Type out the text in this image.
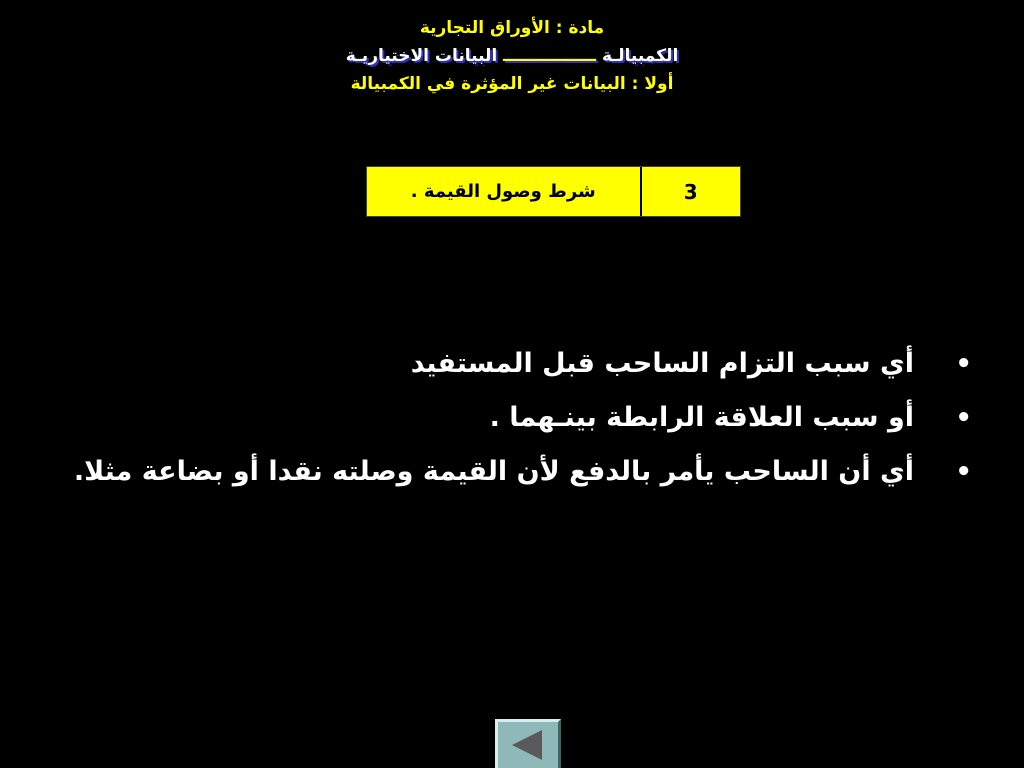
مادة : الأوراق التجارية
الكمبيالـة ــــــــــــــــ البيانات الاختياريـة
أولا : البيانات غير المؤثرة في الكمبيالة
شرط وصول القيمة .	3
•
أي سبب التزام الساحب قبل المستفيد
•
أو سبب العلاقة الرابطة بينـهما .
•
أي أن الساحب يأمر بالدفع لأن القيمة وصلته نقدا أو بضاعة مثلا.
